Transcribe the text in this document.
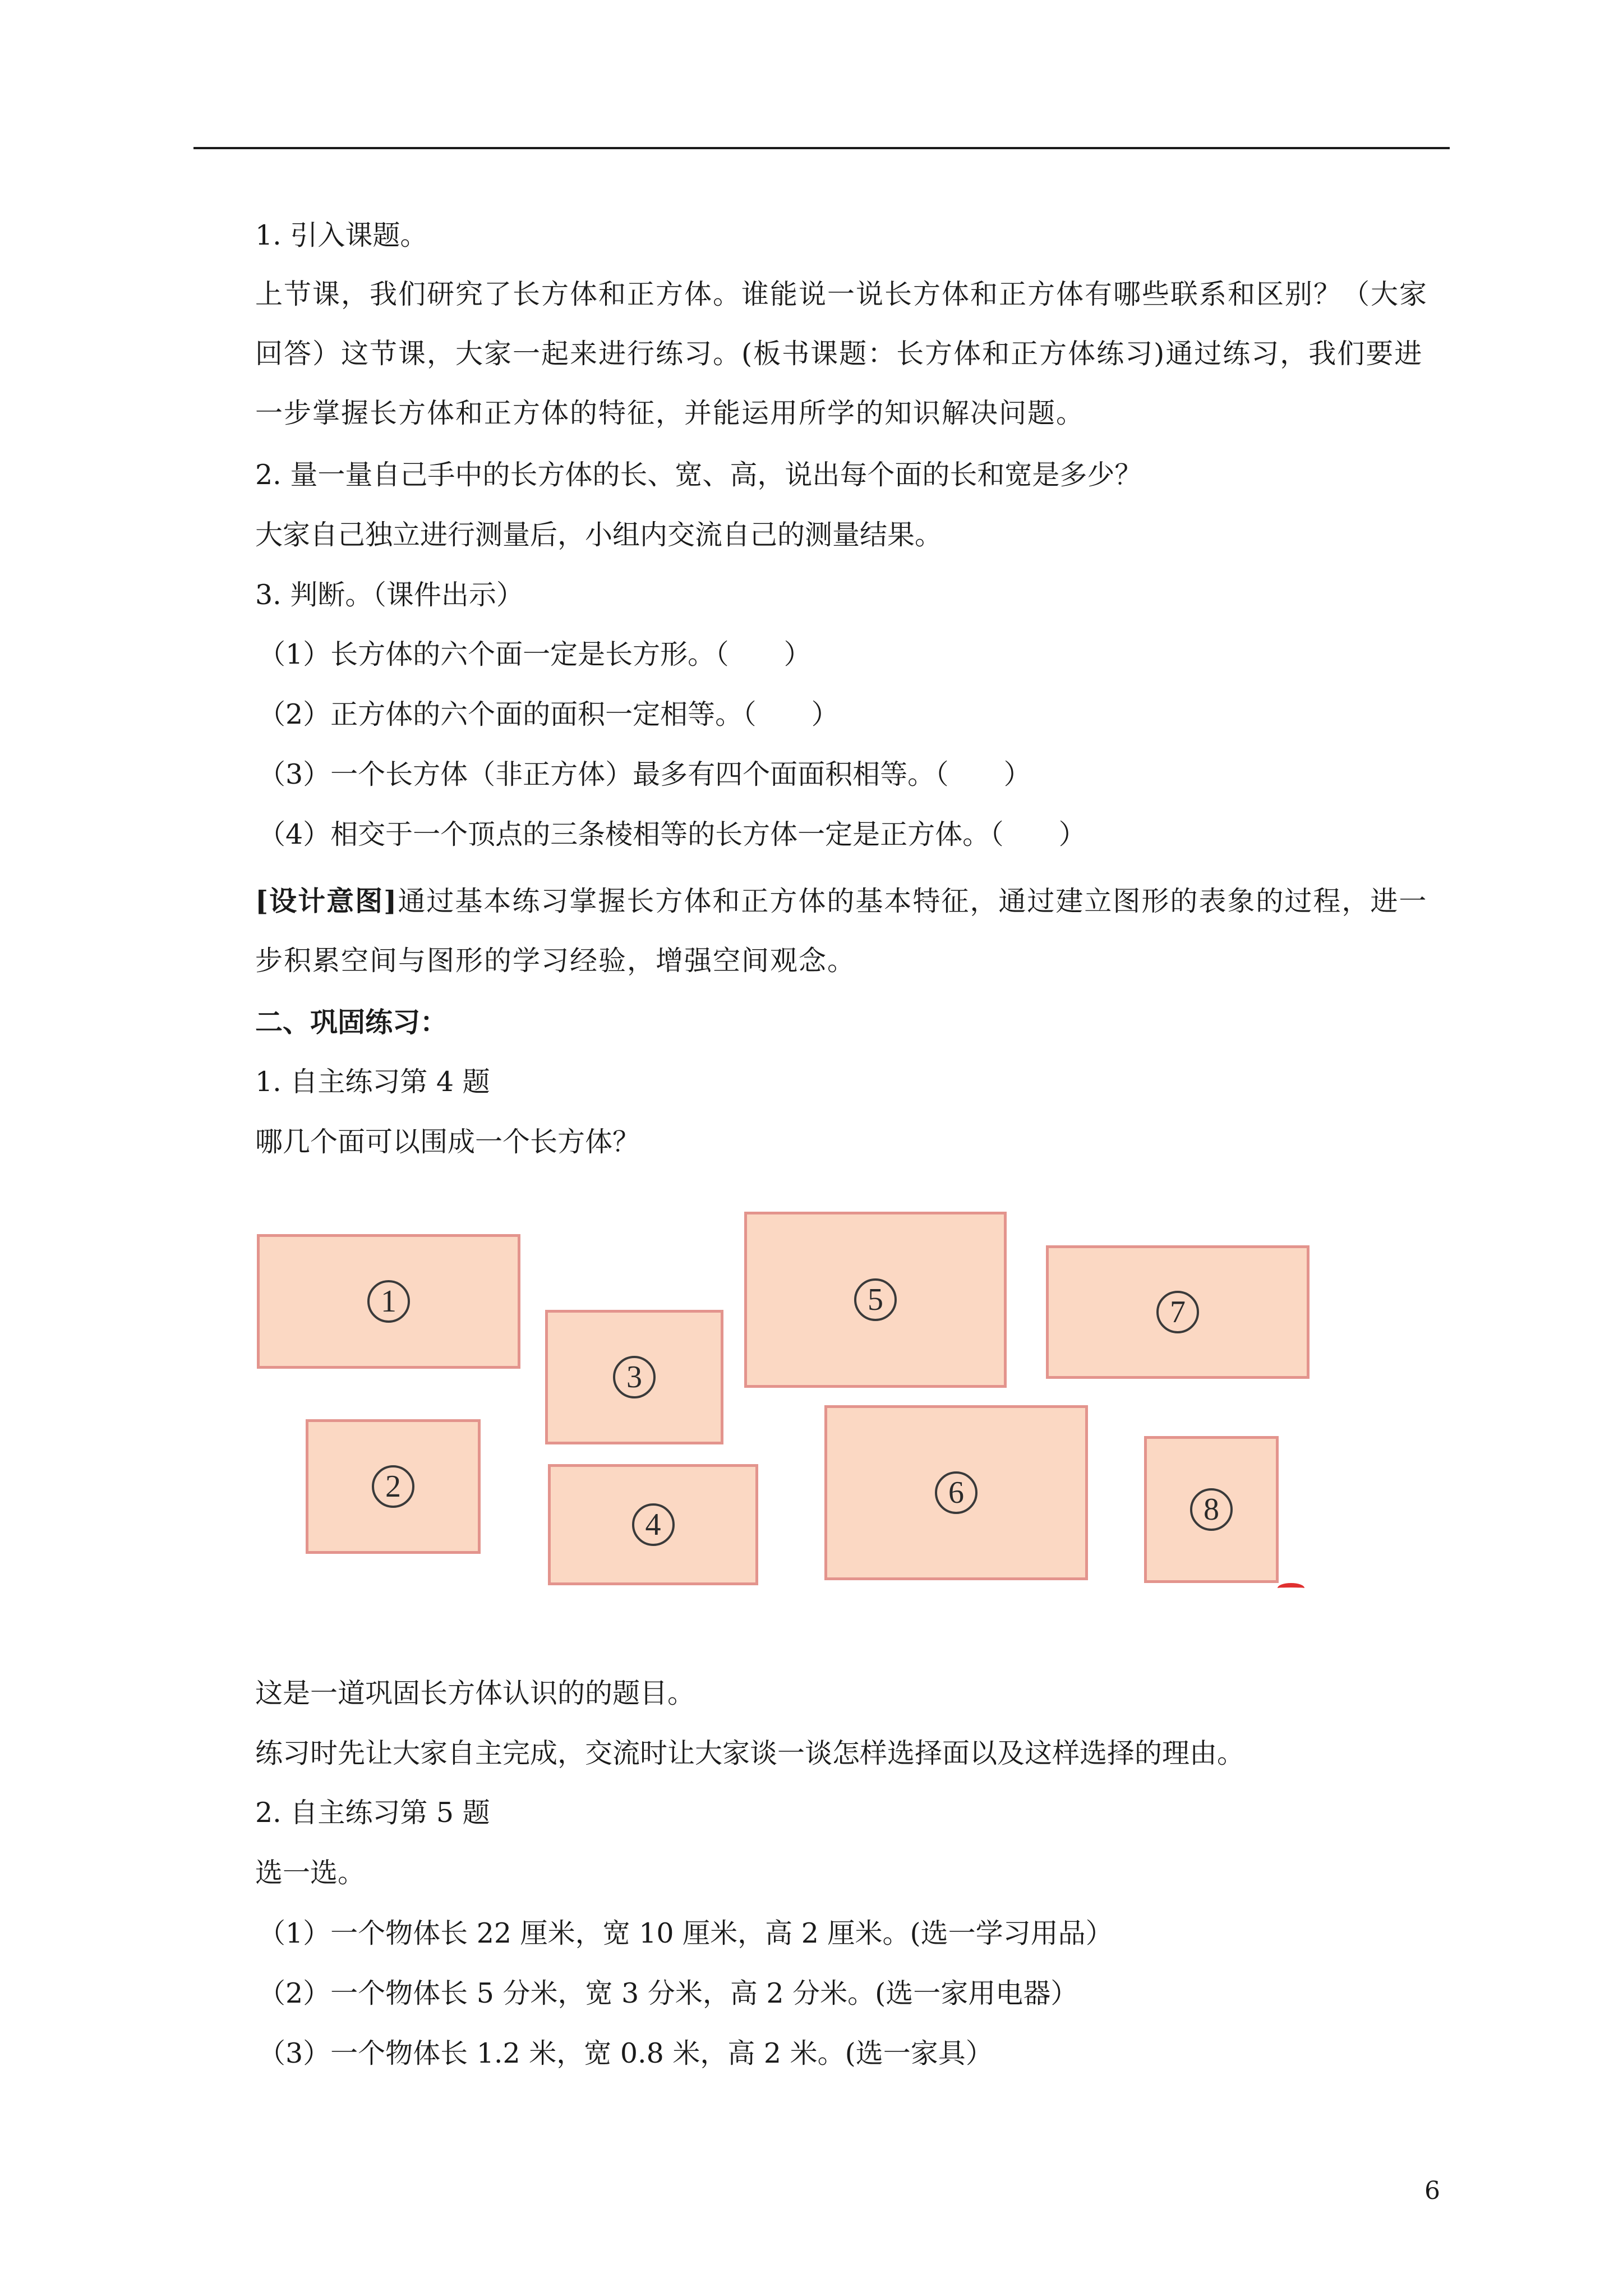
1. 引入课题。
上节课，我们研究了长方体和正方体。谁能说一说长方体和正方体有哪些联系和区别？（大家回答）这节课，大家一起来进行练习。(板书课题：长方体和正方体练习)通过练习，我们要进一步掌握长方体和正方体的特征，并能运用所学的知识解决问题。
2. 量一量自己手中的长方体的长、宽、高，说出每个面的长和宽是多少？
大家自己独立进行测量后，小组内交流自己的测量结果。
3. 判断。（课件出示）
（1）长方体的六个面一定是长方形。（　　）
（2）正方体的六个面的面积一定相等。（　　）
（3）一个长方体（非正方体）最多有四个面面积相等。（　　）
（4）相交于一个顶点的三条棱相等的长方体一定是正方体。（　　）
[设计意图]通过基本练习掌握长方体和正方体的基本特征，通过建立图形的表象的过程，进一步积累空间与图形的学习经验，增强空间观念。
二、巩固练习：
1. 自主练习第 4 题
哪几个面可以围成一个长方体？
1
2
3
4
5
6
7
8
这是一道巩固长方体认识的的题目。
练习时先让大家自主完成，交流时让大家谈一谈怎样选择面以及这样选择的理由。
2. 自主练习第 5 题
选一选。
（1）一个物体长 22 厘米，宽 10 厘米，高 2 厘米。(选一学习用品）
（2）一个物体长 5 分米，宽 3 分米，高 2 分米。(选一家用电器）
（3）一个物体长 1.2 米，宽 0.8 米，高 2 米。(选一家具）
6
